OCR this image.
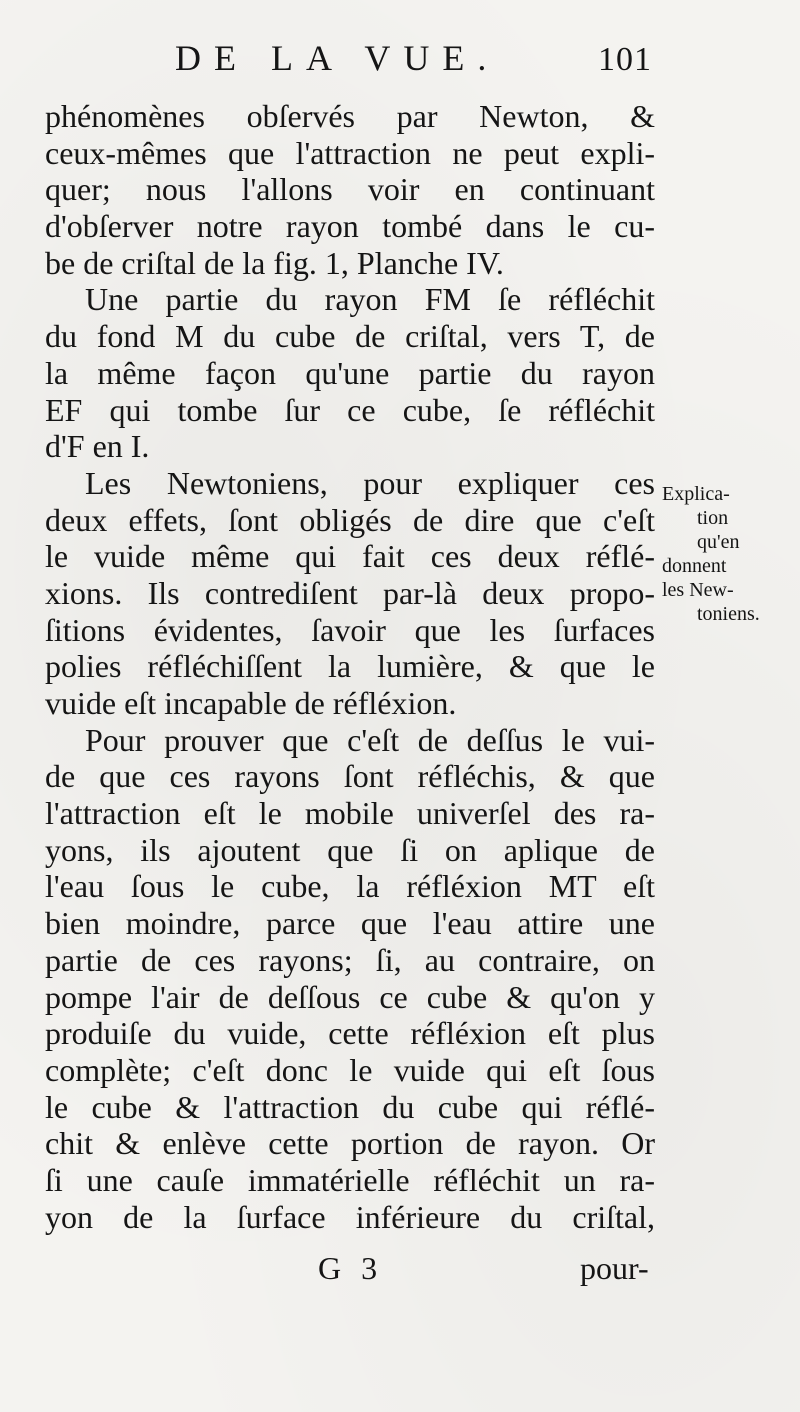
DE LA VUE.	101
phénomènes obſervés par Newton, &
ceux-mêmes que l'attraction ne peut expli-
quer; nous l'allons voir en continuant
d'obſerver notre rayon tombé dans le cu-
be de criſtal de la fig. 1, Planche IV.
Une partie du rayon FM ſe réfléchit
du fond M du cube de criſtal, vers T, de
la même façon qu'une partie du rayon
EF qui tombe ſur ce cube, ſe réfléchit
d'F en I.
Les Newtoniens, pour expliquer ces
deux effets, ſont obligés de dire que c'eſt
le vuide même qui fait ces deux réflé-
xions. Ils contrediſent par-là deux propo-
ſitions évidentes, ſavoir que les ſurfaces
polies réfléchiſſent la lumière, & que le
vuide eſt incapable de réfléxion.
Pour prouver que c'eſt de deſſus le vui-
de que ces rayons ſont réfléchis, & que
l'attraction eſt le mobile univerſel des ra-
yons, ils ajoutent que ſi on aplique de
l'eau ſous le cube, la réfléxion MT eſt
bien moindre, parce que l'eau attire une
partie de ces rayons; ſi, au contraire, on
pompe l'air de deſſous ce cube & qu'on y
produiſe du vuide, cette réfléxion eſt plus
complète; c'eſt donc le vuide qui eſt ſous
le cube & l'attraction du cube qui réflé-
chit & enlève cette portion de rayon. Or
ſi une cauſe immatérielle réfléchit un ra-
yon de la ſurface inférieure du criſtal,
Explica-
tion
qu'en
donnent
les New-
toniens.
G 3	pour-
